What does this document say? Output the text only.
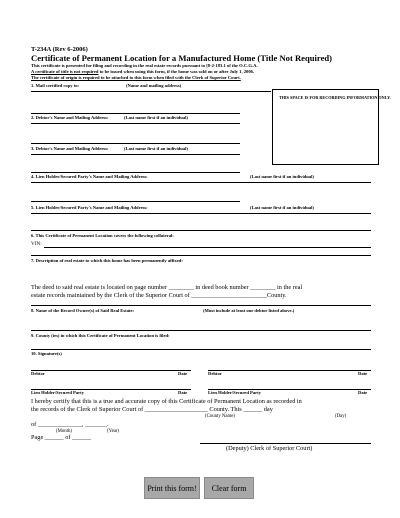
T-234A (Rev 6-2006)
Certificate of Permanent Location for a Manufactured Home (Title Not Required)
This certificate is presented for filing and recording in the real estate records pursuant to [8-2-183.1 of the O.C.G.A.
A certificate of title is not required to be issued when using this form, if the home was sold on or after July 1, 2006.
The certificate of origin is required to be attached to this form when filed with the Clerk of Superior Court.
1. Mail certified copy to:	(Name and mailing address)
THIS SPACE IS FOR RECORDING INFORMATION ONLY.
2. Debtor's Name and Mailing Address:	(Last name first if an individual)
3. Debtor's Name and Mailing Address:	(Last name first if an individual)
4. Lien Holder/Secured Party's Name and Mailing Address:	(Last name first if an individual)
5. Lien Holder/Secured Party's Name and Mailing Address:	(Last name first if an individual)
6. This Certificate of Permanent Location covers the following collateral:
VIN:
7. Description of real estate to which this home has been permanently affixed:
The deed to said real estate is located on page number ________ in deed book number ________ in the real
estate records maintained by the Clerk of the Superior Court of ________________________County.
8. Name of the Record Owner(s) of Said Real Estate:	(Must include at least one debtor listed above.)
9. County (ies) in which this Certificate of Permanent Location is filed:
10. Signature(s)
Debtor	Date	Debtor	Date
Lien Holder/Secured Party	Date	Lien Holder/Secured Party	Date
I hereby certify that this is a true and accurate copy of this Certificate of Permanent Location as recorded in
the records of the Clerk of Superior Court of ____________________ County. This ______ day
(County Name)	(Day)
of ______________, _______.
(Month)	(Year)
Page ______ of ______
(Deputy) Clerk of Superior Court)
Print this form!	Clear form
